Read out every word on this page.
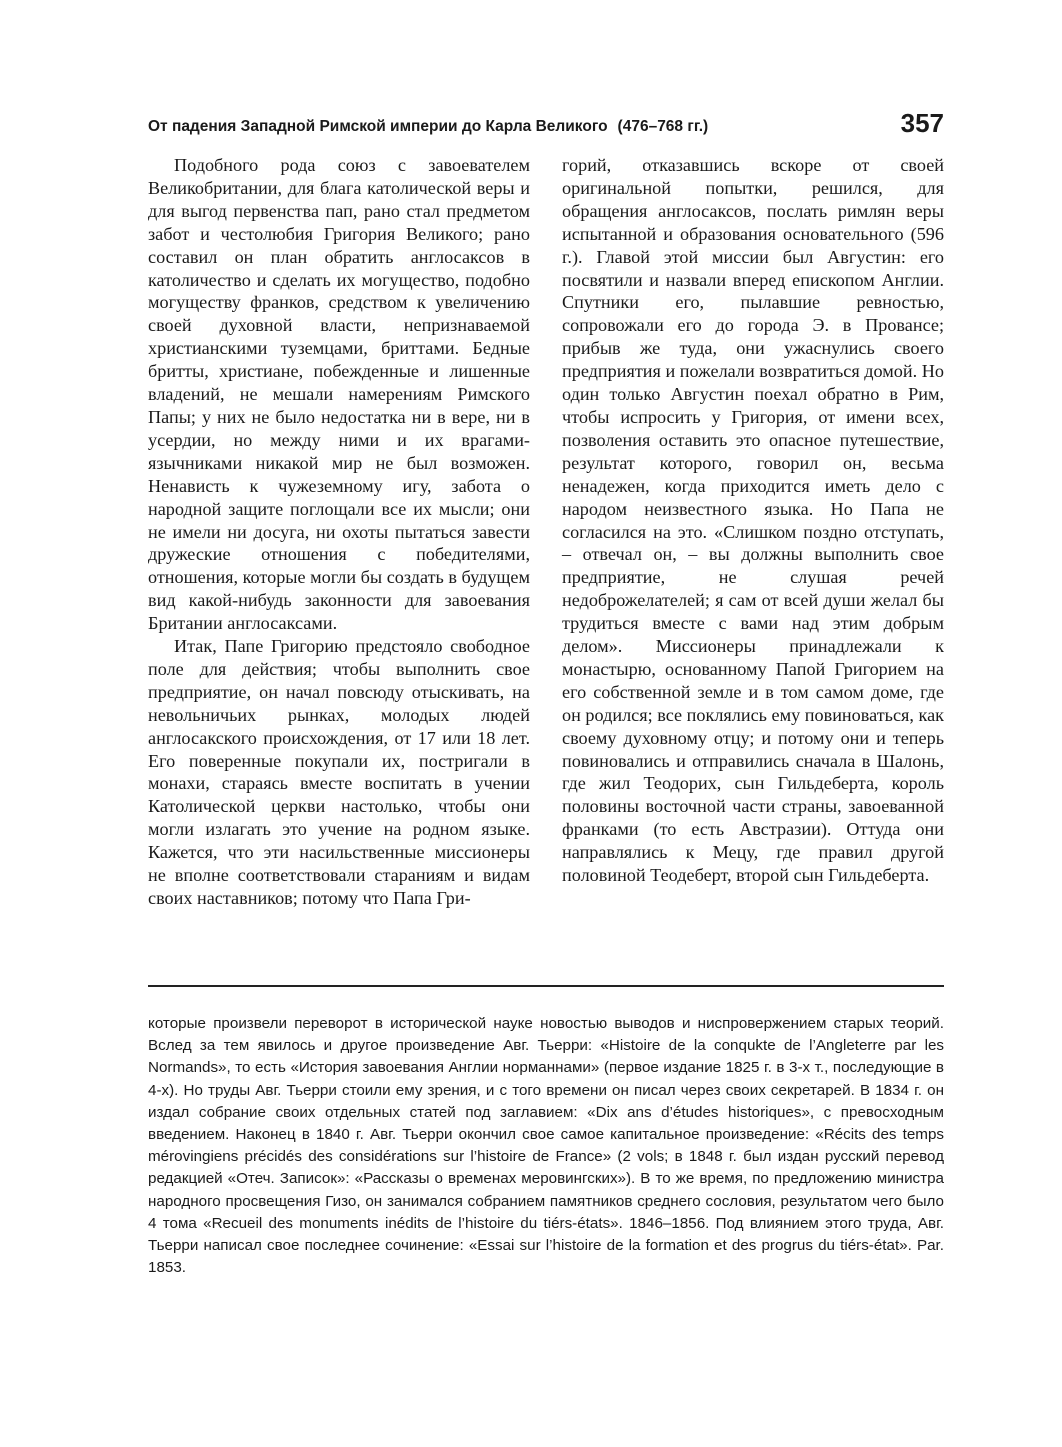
От падения Западной Римской империи до Карла Великого (476–768 гг.)	357

Подобного рода союз с завоевателем Великобритании, для блага католической веры и для выгод первенства пап, рано стал предметом забот и честолюбия Григория Великого; рано составил он план обратить англосаксов в католичество и сделать их могущество, подобно могуществу франков, средством к увеличению своей духовной власти, непризнаваемой христианскими туземцами, бриттами. Бедные бритты, христиане, побежденные и лишенные владений, не мешали намерениям Римского Папы; у них не было недостатка ни в вере, ни в усердии, но между ними и их врагами-язычниками никакой мир не был возможен. Ненависть к чужеземному игу, забота о народной защите поглощали все их мысли; они не имели ни досуга, ни охоты пытаться завести дружеские отношения с победителями, отношения, которые могли бы создать в будущем вид какой-нибудь законности для завоевания Британии англосаксами.

Итак, Папе Григорию предстояло свободное поле для действия; чтобы выполнить свое предприятие, он начал повсюду отыскивать, на невольничьих рынках, молодых людей англосакского происхождения, от 17 или 18 лет. Его поверенные покупали их, постригали в монахи, стараясь вместе воспитать в учении Католической церкви настолько, чтобы они могли излагать это учение на родном языке. Кажется, что эти насильственные миссионеры не вполне соответствовали стараниям и видам своих наставников; потому что Папа Гри-

горий, отказавшись вскоре от своей оригинальной попытки, решился, для обращения англосаксов, послать римлян веры испытанной и образования основательного (596 г.). Главой этой миссии был Августин: его посвятили и назвали вперед епископом Англии. Спутники его, пылавшие ревностью, сопровожали его до города Э. в Провансе; прибыв же туда, они ужаснулись своего предприятия и пожелали возвратиться домой. Но один только Августин поехал обратно в Рим, чтобы испросить у Григория, от имени всех, позволения оставить это опасное путешествие, результат которого, говорил он, весьма ненадежен, когда приходится иметь дело с народом неизвестного языка. Но Папа не согласился на это. «Слишком поздно отступать, – отвечал он, – вы должны выполнить свое предприятие, не слушая речей недоброжелателей; я сам от всей души желал бы трудиться вместе с вами над этим добрым делом». Миссионеры принадлежали к монастырю, основанному Папой Григорием на его собственной земле и в том самом доме, где он родился; все поклялись ему повиноваться, как своему духовному отцу; и потому они и теперь повиновались и отправились сначала в Шалонь, где жил Теодорих, сын Гильдеберта, король половины восточной части страны, завоеванной франками (то есть Австразии). Оттуда они направлялись к Мецу, где правил другой половиной Теодеберт, второй сын Гильдеберта.

которые произвели переворот в исторической науке новостью выводов и ниспровержением старых теорий. Вслед за тем явилось и другое произведение Авг. Тьерри: «Histoire de la conqukte de l’Angleterre par les Normands», то есть «История завоевания Англии норманнами» (первое издание 1825 г. в 3-х т., последующие в 4-х). Но труды Авг. Тьерри стоили ему зрения, и с того времени он писал через своих секретарей. В 1834 г. он издал собрание своих отдельных статей под заглавием: «Dix ans d’études historiques», с превосходным введением. Наконец в 1840 г. Авг. Тьерри окончил свое самое капитальное произведение: «Récits des temps mérovingiens précidés des considérations sur l’histoire de France» (2 vols; в 1848 г. был издан русский перевод редакцией «Отеч. Записок»: «Рассказы о временах меровингских»). В то же время, по предложению министра народного просвещения Гизо, он занимался собранием памятников среднего сословия, результатом чего было 4 тома «Recueil des monuments inédits de l’histoire du tiérs-états». 1846–1856. Под влиянием этого труда, Авг. Тьерри написал свое последнее сочинение: «Essai sur l’histoire de la formation et des progrus du tiérs-état». Par. 1853.
